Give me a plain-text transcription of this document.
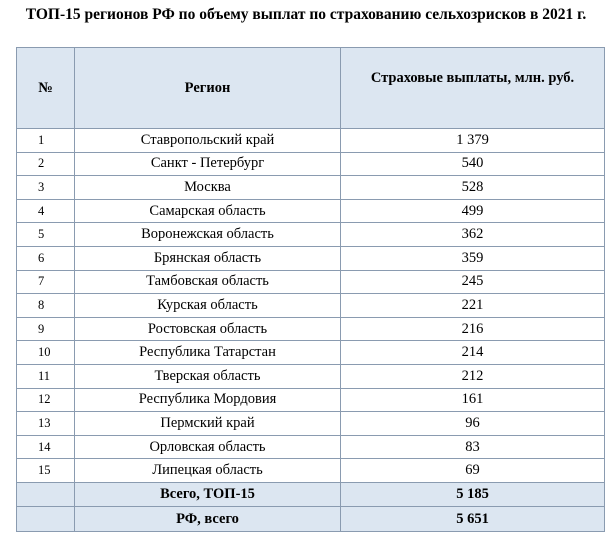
ТОП-15 регионов РФ по объему выплат по страхованию сельхозрисков в 2021 г.
№	Регион	Страховые выплаты, млн. руб.
1	Ставропольский край	1 379
2	Санкт - Петербург	540
3	Москва	528
4	Самарская область	499
5	Воронежская область	362
6	Брянская область	359
7	Тамбовская область	245
8	Курская область	221
9	Ростовская область	216
10	Республика Татарстан	214
11	Тверская область	212
12	Республика Мордовия	161
13	Пермский край	96
14	Орловская область	83
15	Липецкая область	69
	Всего, ТОП-15	5 185
	РФ, всего	5 651
